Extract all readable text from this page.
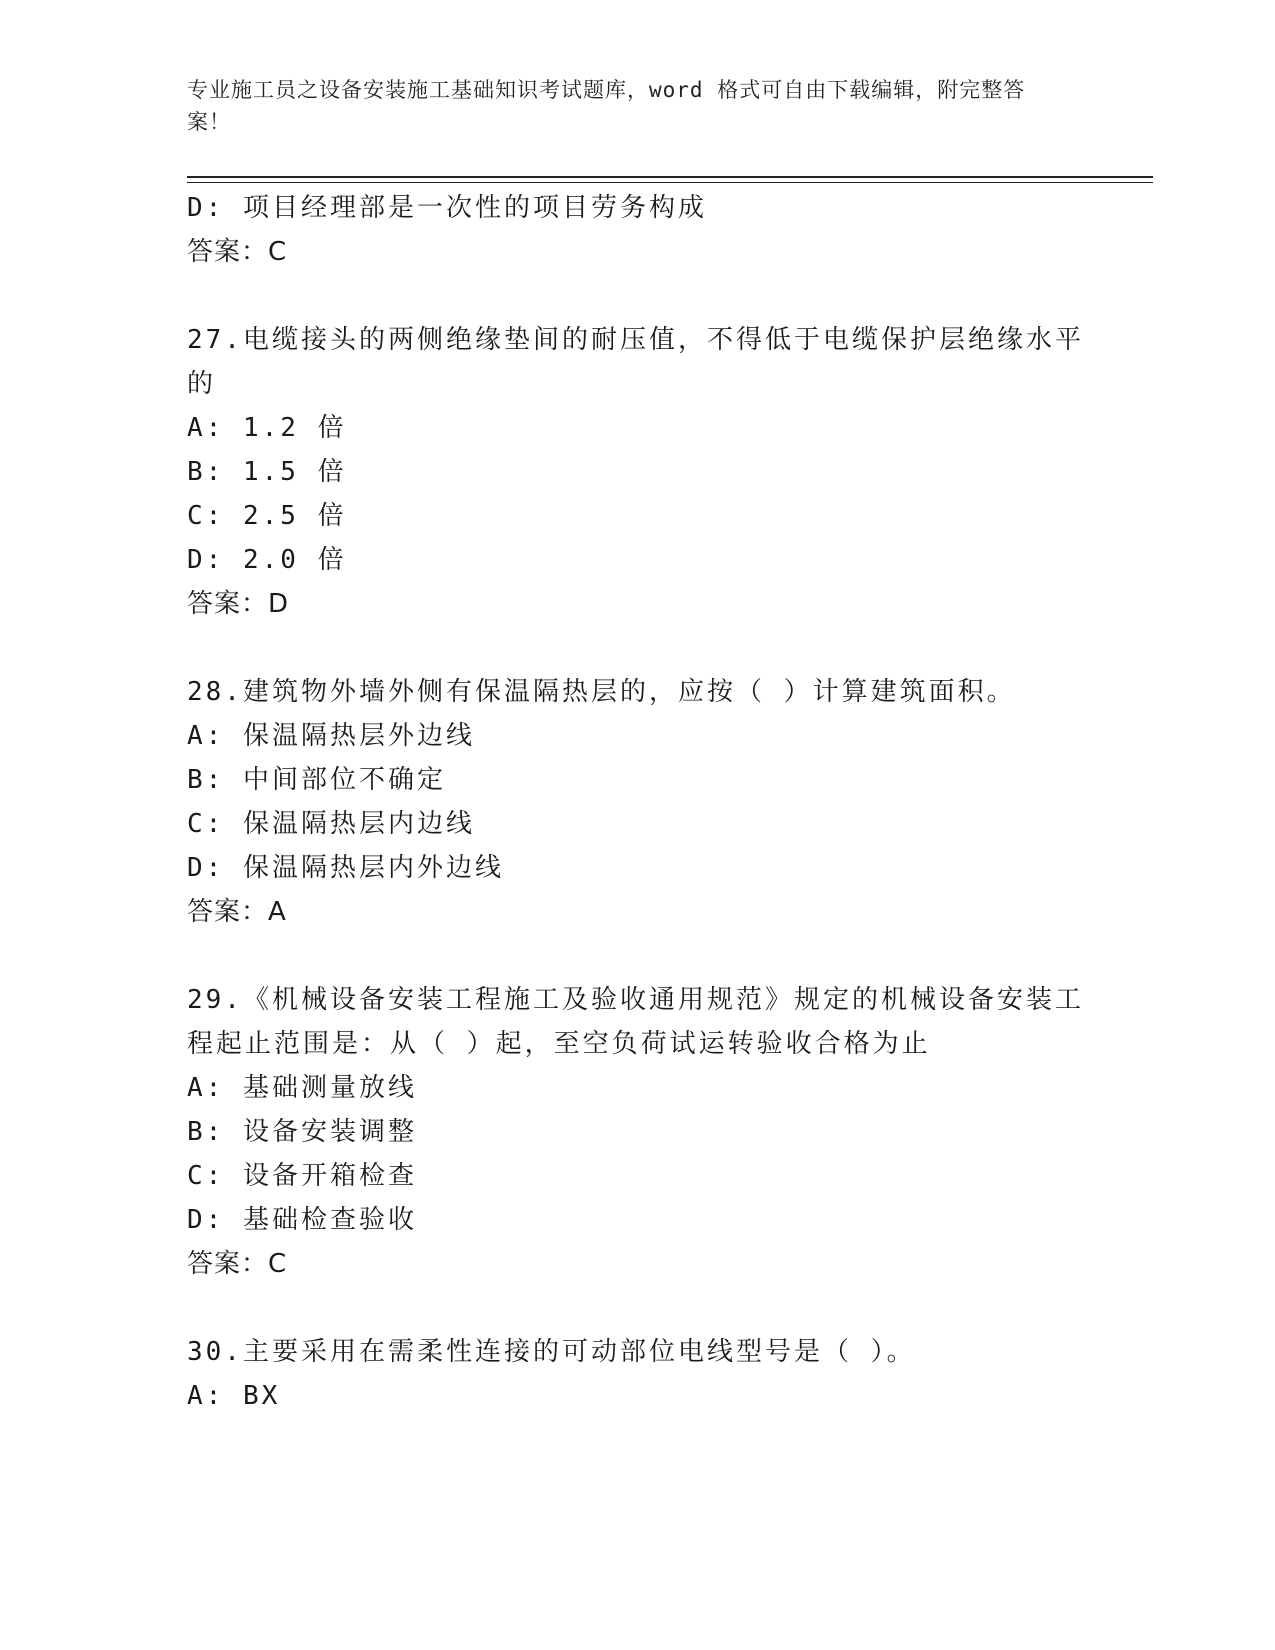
专业施工员之设备安装施工基础知识考试题库，word 格式可自由下载编辑，附完整答案！
D: 项目经理部是一次性的项目劳务构成
答案：C
27.电缆接头的两侧绝缘垫间的耐压值，不得低于电缆保护层绝缘水平
的
A: 1.2 倍
B: 1.5 倍
C: 2.5 倍
D: 2.0 倍
答案：D
28.建筑物外墙外侧有保温隔热层的，应按（ ）计算建筑面积。
A: 保温隔热层外边线
B: 中间部位不确定
C: 保温隔热层内边线
D: 保温隔热层内外边线
答案：A
29.《机械设备安装工程施工及验收通用规范》规定的机械设备安装工
程起止范围是：从（ ）起，至空负荷试运转验收合格为止
A: 基础测量放线
B: 设备安装调整
C: 设备开箱检查
D: 基础检查验收
答案：C
30.主要采用在需柔性连接的可动部位电线型号是（ ）。
A: BX
